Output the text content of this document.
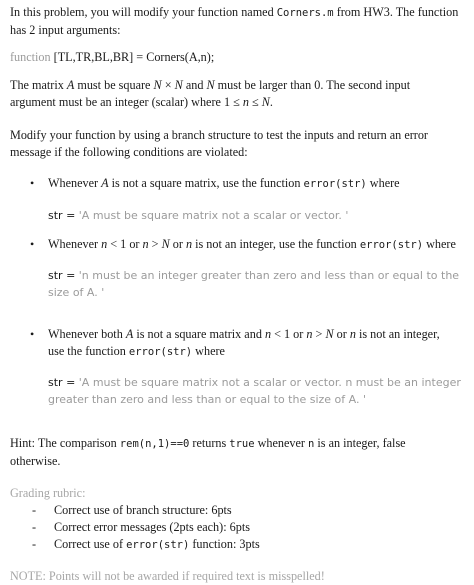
In this problem, you will modify your function named Corners.m from HW3. The function
has 2 input arguments:

function [TL,TR,BL,BR] = Corners(A,n);

The matrix A must be square N × N and N must be larger than 0. The second input
argument must be an integer (scalar) where 1 ≤ n ≤ N.

Modify your function by using a branch structure to test the inputs and return an error
message if the following conditions are violated:

• Whenever A is not a square matrix, use the function error(str) where
str = 'A must be square matrix not a scalar or vector. '
• Whenever n < 1 or n > N or n is not an integer, use the function error(str) where
str = 'n must be an integer greater than zero and less than or equal to the
size of A. '
• Whenever both A is not a square matrix and n < 1 or n > N or n is not an integer,
use the function error(str) where
str = 'A must be square matrix not a scalar or vector. n must be an integer
greater than zero and less than or equal to the size of A. '

Hint: The comparison rem(n,1)==0 returns true whenever n is an integer, false
otherwise.

Grading rubric:

- Correct use of branch structure: 6pts
- Correct error messages (2pts each): 6pts
- Correct use of error(str) function: 3pts

NOTE: Points will not be awarded if required text is misspelled!
